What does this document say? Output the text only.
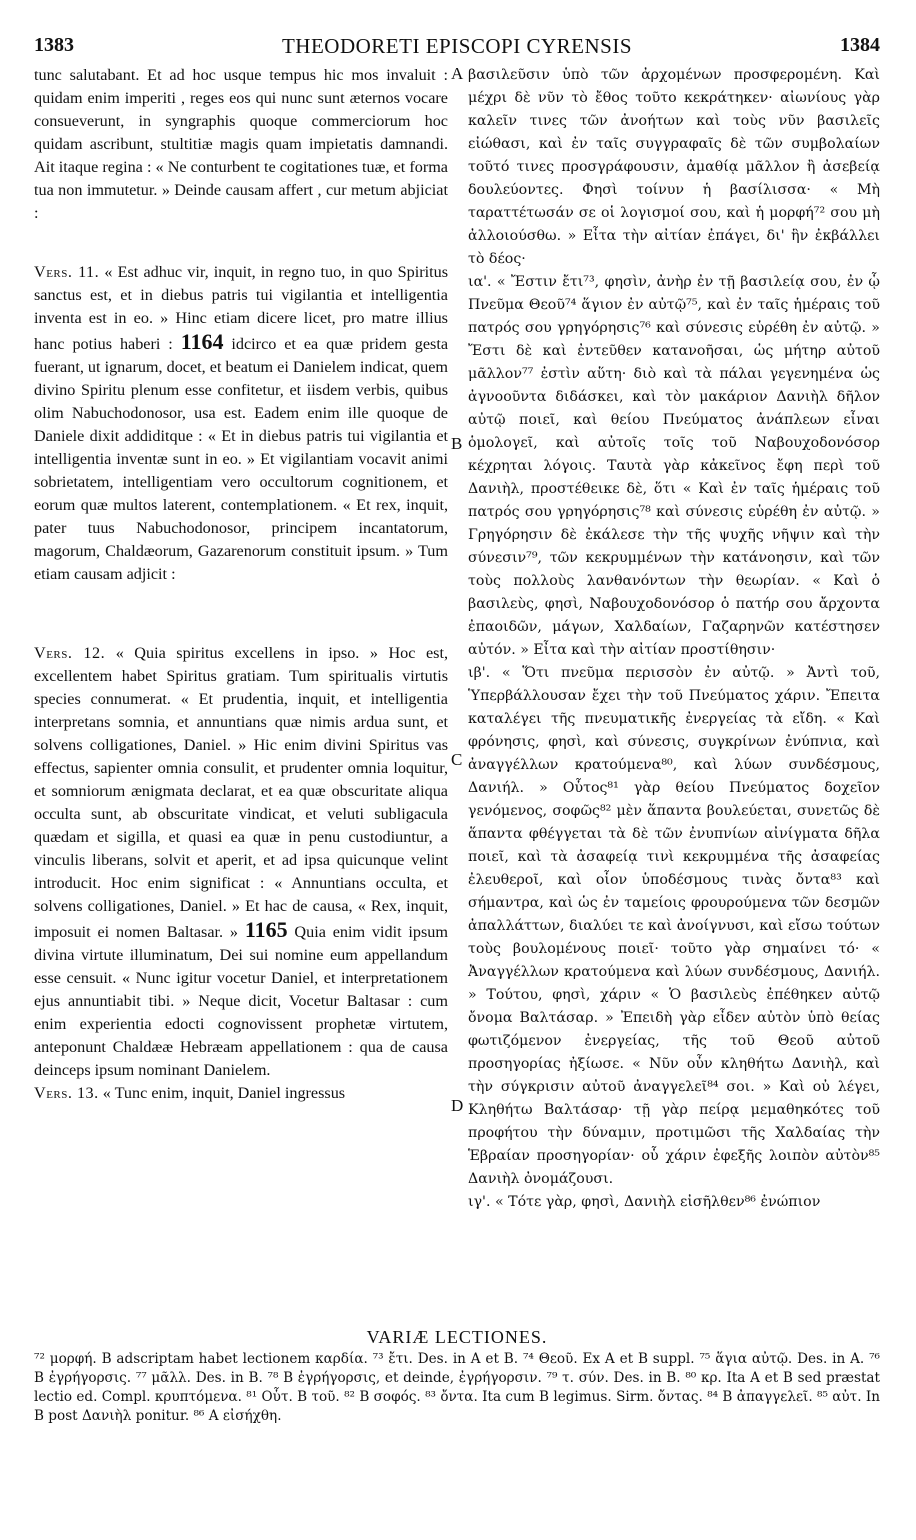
1383	THEODORETI EPISCOPI CYRENSIS	1384

tunc salutabant. Et ad hoc usque tempus hic mos invaluit : quidam enim imperiti , reges eos qui nunc sunt æternos vocare consueverunt, in syngraphis quoque commerciorum hoc quidam ascribunt, stultitiæ magis quam impietatis damnandi. Ait itaque regina : « Ne conturbent te cogitationes tuæ, et forma tua non immutetur. » Deinde causam affert , cur metum abjiciat :

Vers. 11. « Est adhuc vir, inquit, in regno tuo, in quo Spiritus sanctus est, et in diebus patris tui vigilantia et intelligentia inventa est in eo. » Hinc etiam dicere licet, pro matre illius hanc potius haberi : 1164 idcirco et ea quæ pridem gesta fuerant, ut ignarum, docet, et beatum ei Danielem indicat, quem divino Spiritu plenum esse confitetur, et iisdem verbis, quibus olim Nabuchodonosor, usa est. Eadem enim ille quoque de Daniele dixit addiditque : « Et in diebus patris tui vigilantia et intelligentia inventæ sunt in eo. » Et vigilantiam vocavit animi sobrietatem, intelligentiam vero occultorum cognitionem, et eorum quæ multos laterent, contemplationem. « Et rex, inquit, pater tuus Nabuchodonosor, principem incantatorum, magorum, Chaldæorum, Gazarenorum constituit ipsum. » Tum etiam causam adjicit :

Vers. 12. « Quia spiritus excellens in ipso. » Hoc est, excellentem habet Spiritus gratiam. Tum spiritualis virtutis species connumerat. « Et prudentia, inquit, et intelligentia interpretans somnia, et annuntians quæ nimis ardua sunt, et solvens colligationes, Daniel. » Hic enim divini Spiritus vas effectus, sapienter omnia consulit, et prudenter omnia loquitur, et somniorum ænigmata declarat, et ea quæ obscuritate aliqua occulta sunt, ab obscuritate vindicat, et veluti subligacula quædam et sigilla, et quasi ea quæ in penu custodiuntur, a vinculis liberans, solvit et aperit, et ad ipsa quicunque velint introducit. Hoc enim significat : « Annuntians occulta, et solvens colligationes, Daniel. » Et hac de causa, « Rex, inquit, imposuit ei nomen Baltasar. » 1165 Quia enim vidit ipsum divina virtute illuminatum, Dei sui nomine eum appellandum esse censuit. « Nunc igitur vocetur Daniel, et interpretationem ejus annuntiabit tibi. » Neque dicit, Vocetur Baltasar : cum enim experientia edocti cognovissent prophetæ virtutem, anteponunt Chaldææ Hebræam appellationem : qua de causa deinceps ipsum nominant Danielem.

Vers. 13. « Tunc enim, inquit, Daniel ingressus

A
B
C
D

βασιλεῦσιν ὑπὸ τῶν ἀρχομένων προσφερομένη. Καὶ μέχρι δὲ νῦν τὸ ἔθος τοῦτο κεκράτηκεν· αἰωνίους γὰρ καλεῖν τινες τῶν ἀνοήτων καὶ τοὺς νῦν βασιλεῖς εἰώθασι, καὶ ἐν ταῖς συγγραφαῖς δὲ τῶν συμβολαίων τοῦτό τινες προσγράφουσιν, ἀμαθίᾳ μᾶλλον ἢ ἀσεβείᾳ δουλεύοντες. Φησὶ τοίνυν ἡ βασίλισσα· « Μὴ ταραττέτωσάν σε οἱ λογισμοί σου, καὶ ἡ μορφή⁷² σου μὴ ἀλλοιούσθω. » Εἶτα τὴν αἰτίαν ἐπάγει, δι' ἣν ἐκβάλλει τὸ δέος·

ια'. « Ἔστιν ἔτι⁷³, φησὶν, ἀνὴρ ἐν τῇ βασιλείᾳ σου, ἐν ᾧ Πνεῦμα Θεοῦ⁷⁴ ἅγιον ἐν αὐτῷ⁷⁵, καὶ ἐν ταῖς ἡμέραις τοῦ πατρός σου γρηγόρησις⁷⁶ καὶ σύνεσις εὑρέθη ἐν αὐτῷ. » Ἔστι δὲ καὶ ἐντεῦθεν κατανοῆσαι, ὡς μήτηρ αὐτοῦ μᾶλλον⁷⁷ ἐστὶν αὕτη· διὸ καὶ τὰ πάλαι γεγενημένα ὡς ἀγνοοῦντα διδάσκει, καὶ τὸν μακάριον Δανιὴλ δῆλον αὐτῷ ποιεῖ, καὶ θείου Πνεύματος ἀνάπλεων εἶναι ὁμολογεῖ, καὶ αὐτοῖς τοῖς τοῦ Ναβουχοδονόσορ κέχρηται λόγοις. Ταυτὰ γὰρ κἀκεῖνος ἔφη περὶ τοῦ Δανιὴλ, προστέθεικε δὲ, ὅτι « Καὶ ἐν ταῖς ἡμέραις τοῦ πατρός σου γρηγόρησις⁷⁸ καὶ σύνεσις εὑρέθη ἐν αὐτῷ. » Γρηγόρησιν δὲ ἐκάλεσε τὴν τῆς ψυχῆς νῆψιν καὶ τὴν σύνεσιν⁷⁹, τῶν κεκρυμμένων τὴν κατάνοησιν, καὶ τῶν τοὺς πολλοὺς λανθανόντων τὴν θεωρίαν. « Καὶ ὁ βασιλεὺς, φησὶ, Ναβουχοδονόσορ ὁ πατήρ σου ἄρχοντα ἐπαοιδῶν, μάγων, Χαλδαίων, Γαζαρηνῶν κατέστησεν αὐτόν. » Εἶτα καὶ τὴν αἰτίαν προστίθησιν·

ιβ'. « Ὅτι πνεῦμα περισσὸν ἐν αὐτῷ. » Ἀντὶ τοῦ, Ὑπερβάλλουσαν ἔχει τὴν τοῦ Πνεύματος χάριν. Ἔπειτα καταλέγει τῆς πνευματικῆς ἐνεργείας τὰ εἴδη. « Καὶ φρόνησις, φησὶ, καὶ σύνεσις, συγκρίνων ἐνύπνια, καὶ ἀναγγέλλων κρατούμενα⁸⁰, καὶ λύων συνδέσμους, Δανιήλ. » Οὗτος⁸¹ γὰρ θείου Πνεύματος δοχεῖον γενόμενος, σοφῶς⁸² μὲν ἅπαντα βουλεύεται, συνετῶς δὲ ἅπαντα φθέγγεται τὰ δὲ τῶν ἐνυπνίων αἰνίγματα δῆλα ποιεῖ, καὶ τὰ ἀσαφείᾳ τινὶ κεκρυμμένα τῆς ἀσαφείας ἐλευθεροῖ, καὶ οἷον ὑποδέσμους τινὰς ὄντα⁸³ καὶ σήμαντρα, καὶ ὡς ἐν ταμείοις φρουρούμενα τῶν δεσμῶν ἀπαλλάττων, διαλύει τε καὶ ἀνοίγνυσι, καὶ εἴσω τούτων τοὺς βουλομένους ποιεῖ· τοῦτο γὰρ σημαίνει τό· « Ἀναγγέλλων κρατούμενα καὶ λύων συνδέσμους, Δανιήλ. » Τούτου, φησὶ, χάριν « Ὁ βασιλεὺς ἐπέθηκεν αὐτῷ ὄνομα Βαλτάσαρ. » Ἐπειδὴ γὰρ εἶδεν αὐτὸν ὑπὸ θείας φωτιζόμενον ἐνεργείας, τῆς τοῦ Θεοῦ αὐτοῦ προσηγορίας ἠξίωσε. « Νῦν οὖν κληθήτω Δανιὴλ, καὶ τὴν σύγκρισιν αὐτοῦ ἀναγγελεῖ⁸⁴ σοι. » Καὶ οὐ λέγει, Κληθήτω Βαλτάσαρ· τῇ γὰρ πείρᾳ μεμαθηκότες τοῦ προφήτου τὴν δύναμιν, προτιμῶσι τῆς Χαλδαίας τὴν Ἑβραίαν προσηγορίαν· οὗ χάριν ἐφεξῆς λοιπὸν αὐτὸν⁸⁵ Δανιὴλ ὀνομάζουσι.

ιγ'. « Τότε γὰρ, φησὶ, Δανιὴλ εἰσῆλθεν⁸⁶ ἐνώπιον

VARIÆ LECTIONES.
⁷² μορφή. B adscriptam habet lectionem καρδία. ⁷³ ἔτι. Des. in A et B. ⁷⁴ Θεοῦ. Ex A et B suppl. ⁷⁵ ἅγια αὐτῷ. Des. in A. ⁷⁶ B ἐγρήγορσις. ⁷⁷ μᾶλλ. Des. in B. ⁷⁸ B ἐγρήγορσις, et deinde, ἐγρήγορσιν. ⁷⁹ τ. σύν. Des. in B. ⁸⁰ κρ. Ita A et B sed præstat lectio ed. Compl. κρυπτόμενα. ⁸¹ Οὗτ. B τοῦ. ⁸² B σοφός. ⁸³ ὄντα. Ita cum B legimus. Sirm. ὄντας. ⁸⁴ B ἀπαγγελεῖ. ⁸⁵ αὐτ. In B post Δανιὴλ ponitur. ⁸⁶ A εἰσήχθη.
